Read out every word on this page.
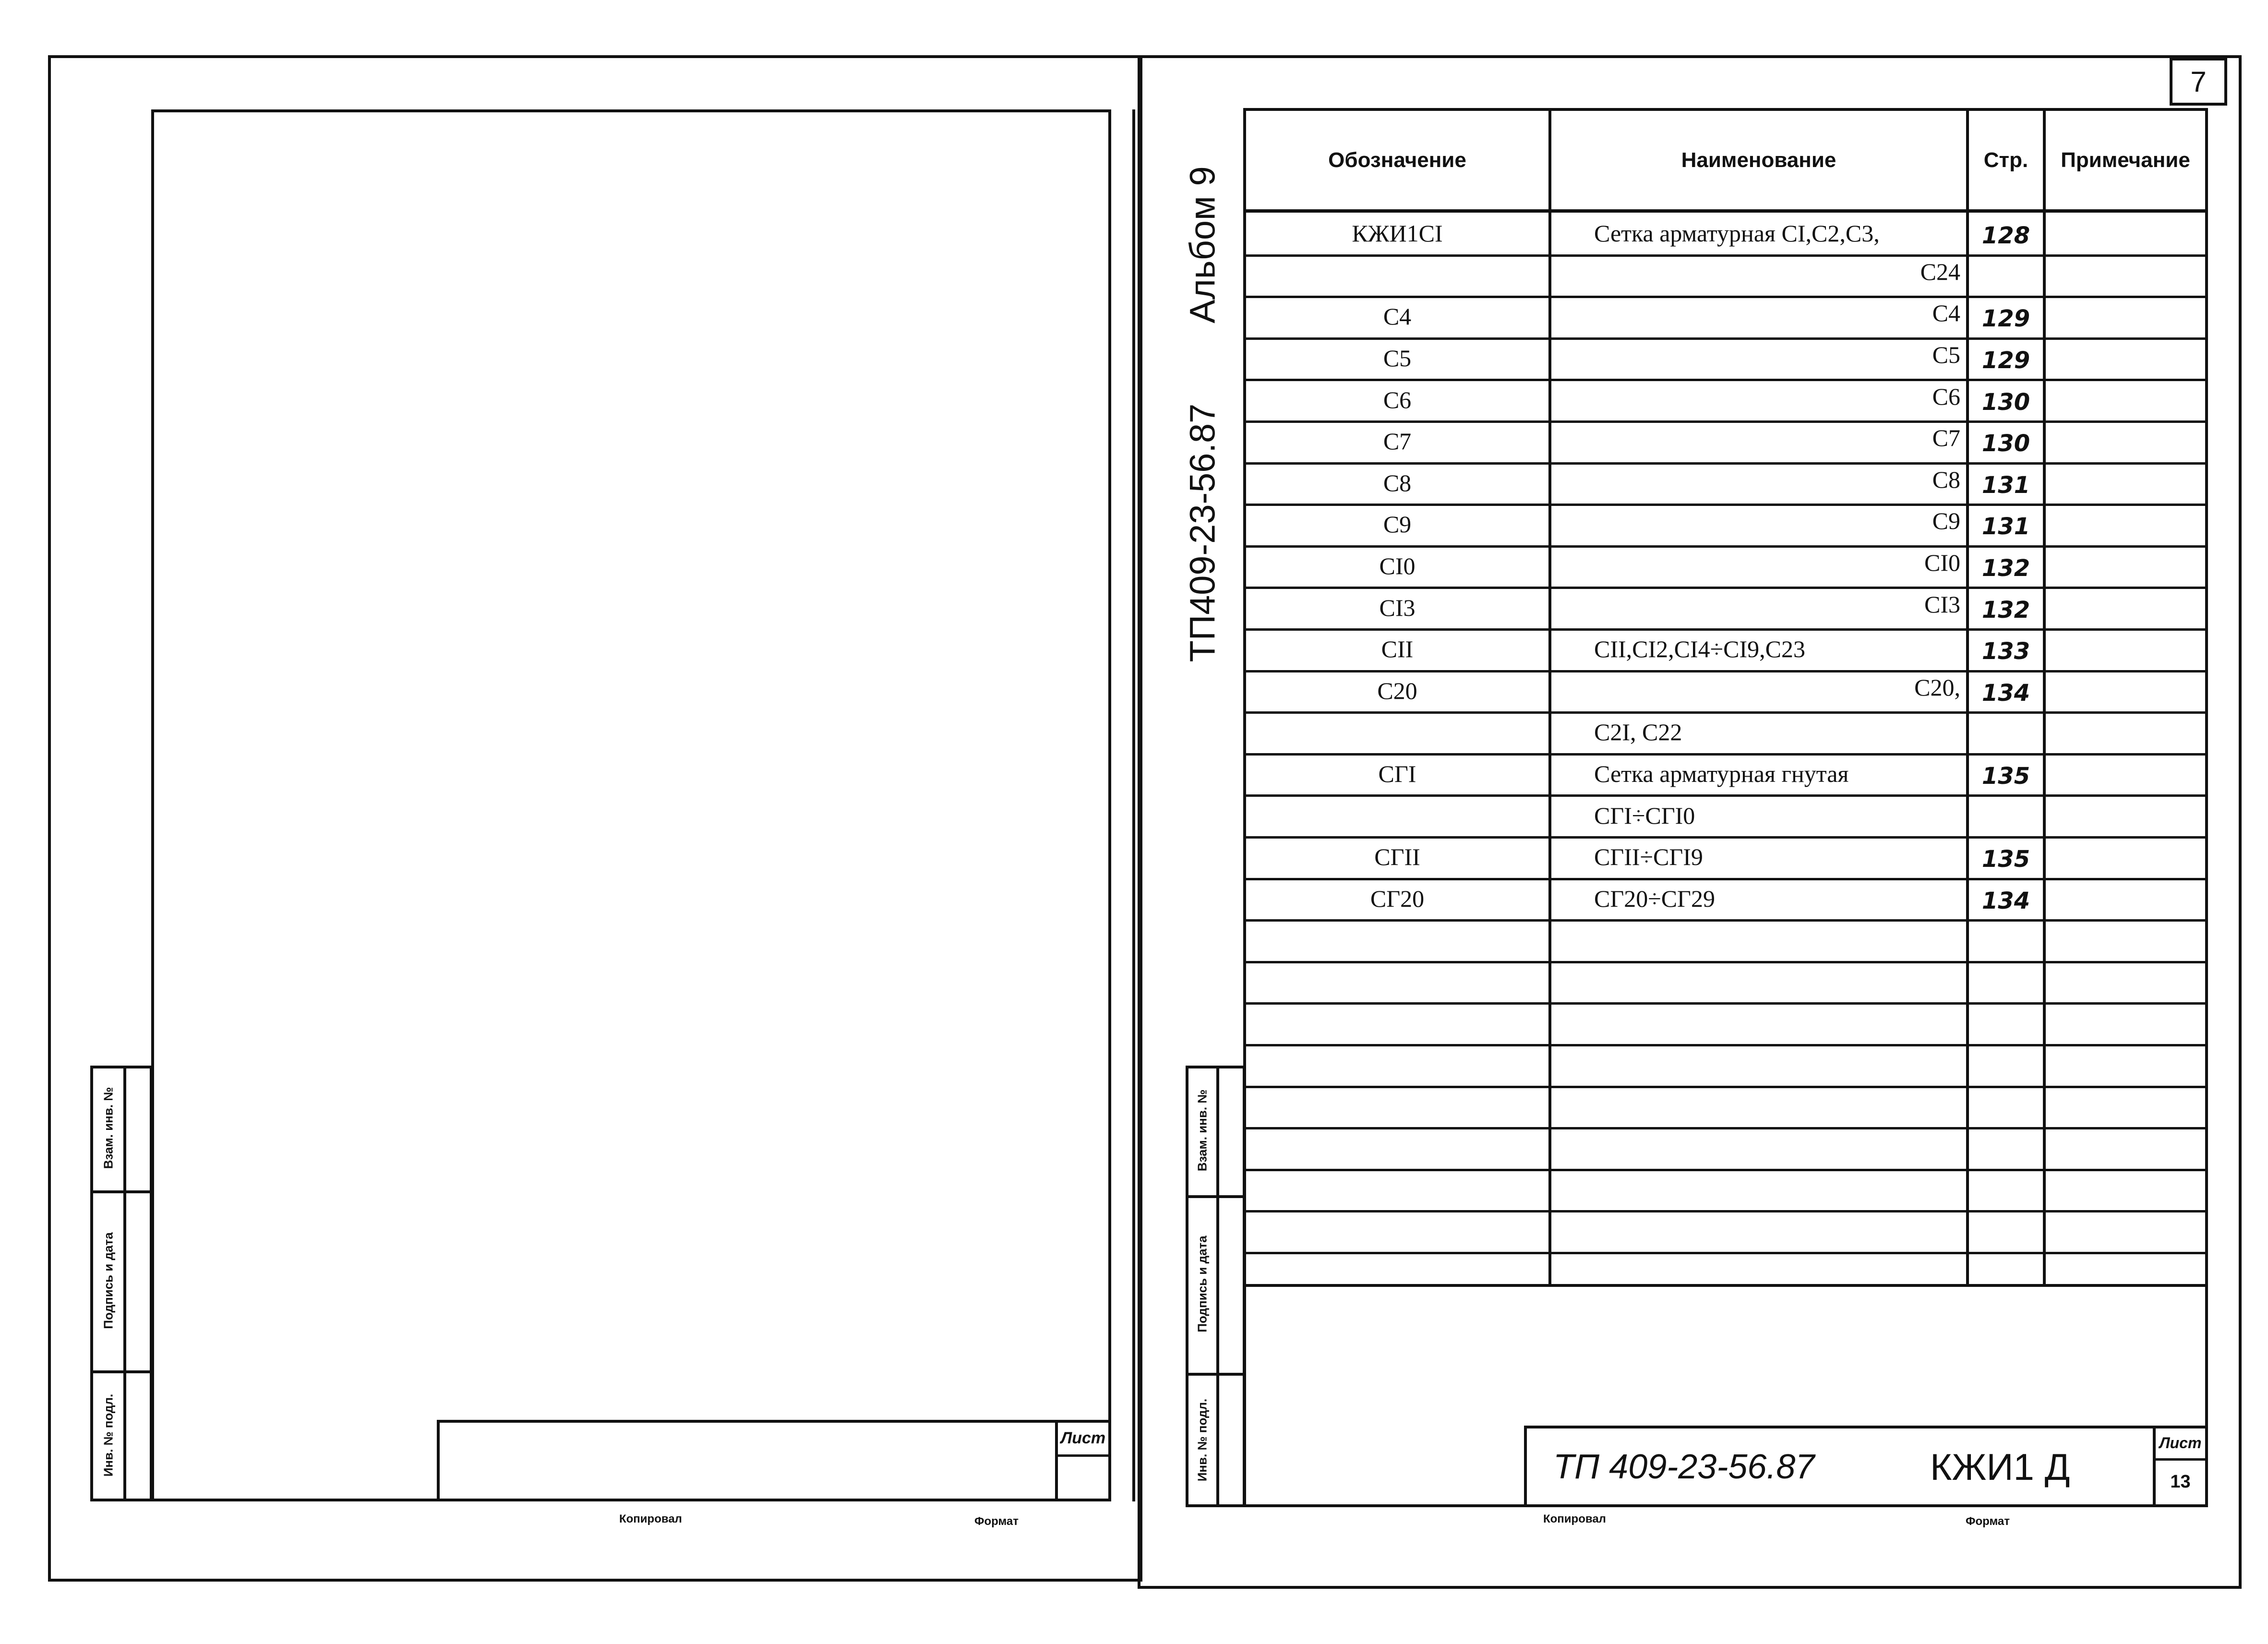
Взам. инв. №
Подпись и дата
Инв. № подл.	Лист
Копировал	Формат
7
Альбом 9
ТП409-23-56.87
Взам. инв. №
Подпись и дата
Инв. № подл.
Обозначение	Наименование	Стр.	Примечание
КЖИ1СI	Сетка арматурная СI,С2,С3,	128
С24
С4	С4 129
С5	С5 129
С6	С6 130
С7	С7 130
С8	С8 131
С9	С9 131
СI0	СI0 132
СI3	СI3 132
СII	СII,СI2,СI4÷СI9,С23	133
С20	С20, 134
С2I, С22
СГI	Сетка арматурная гнутая	135
СГI÷СГI0
СГII	СГII÷СГI9	135
СГ20	СГ20÷СГ29	134
ТП 409-23-56.87	КЖИ1 Д
Лист
13
Копировал	Формат
